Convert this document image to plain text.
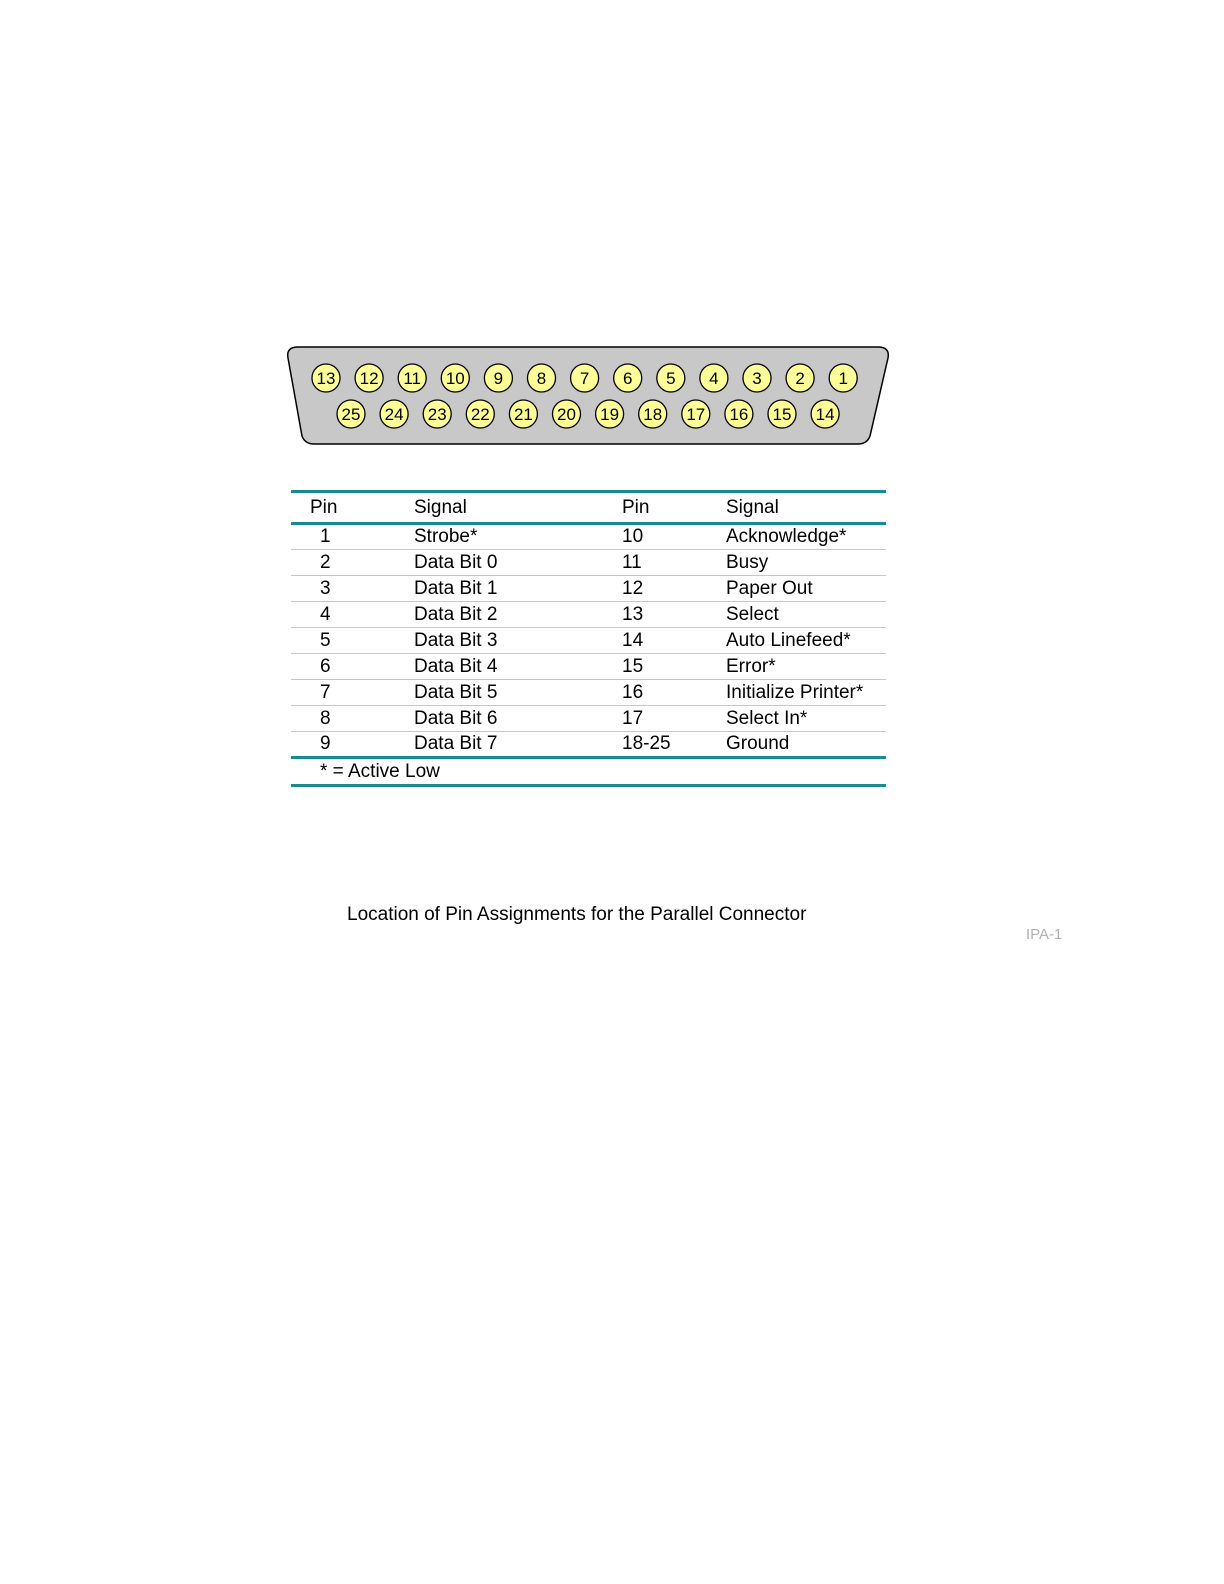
13 12 11 10 9 8 7 6 5 4 3 2 1
25 24 23 22 21 20 19 18 17 16 15 14
Pin	Signal	Pin	Signal
1	Strobe*	10	Acknowledge*
2	Data Bit 0	11	Busy
3	Data Bit 1	12	Paper Out
4	Data Bit 2	13	Select
5	Data Bit 3	14	Auto Linefeed*
6	Data Bit 4	15	Error*
7	Data Bit 5	16	Initialize Printer*
8	Data Bit 6	17	Select In*
9	Data Bit 7	18-25	Ground
* = Active Low			
Location of Pin Assignments for the Parallel Connector
IPA-1
